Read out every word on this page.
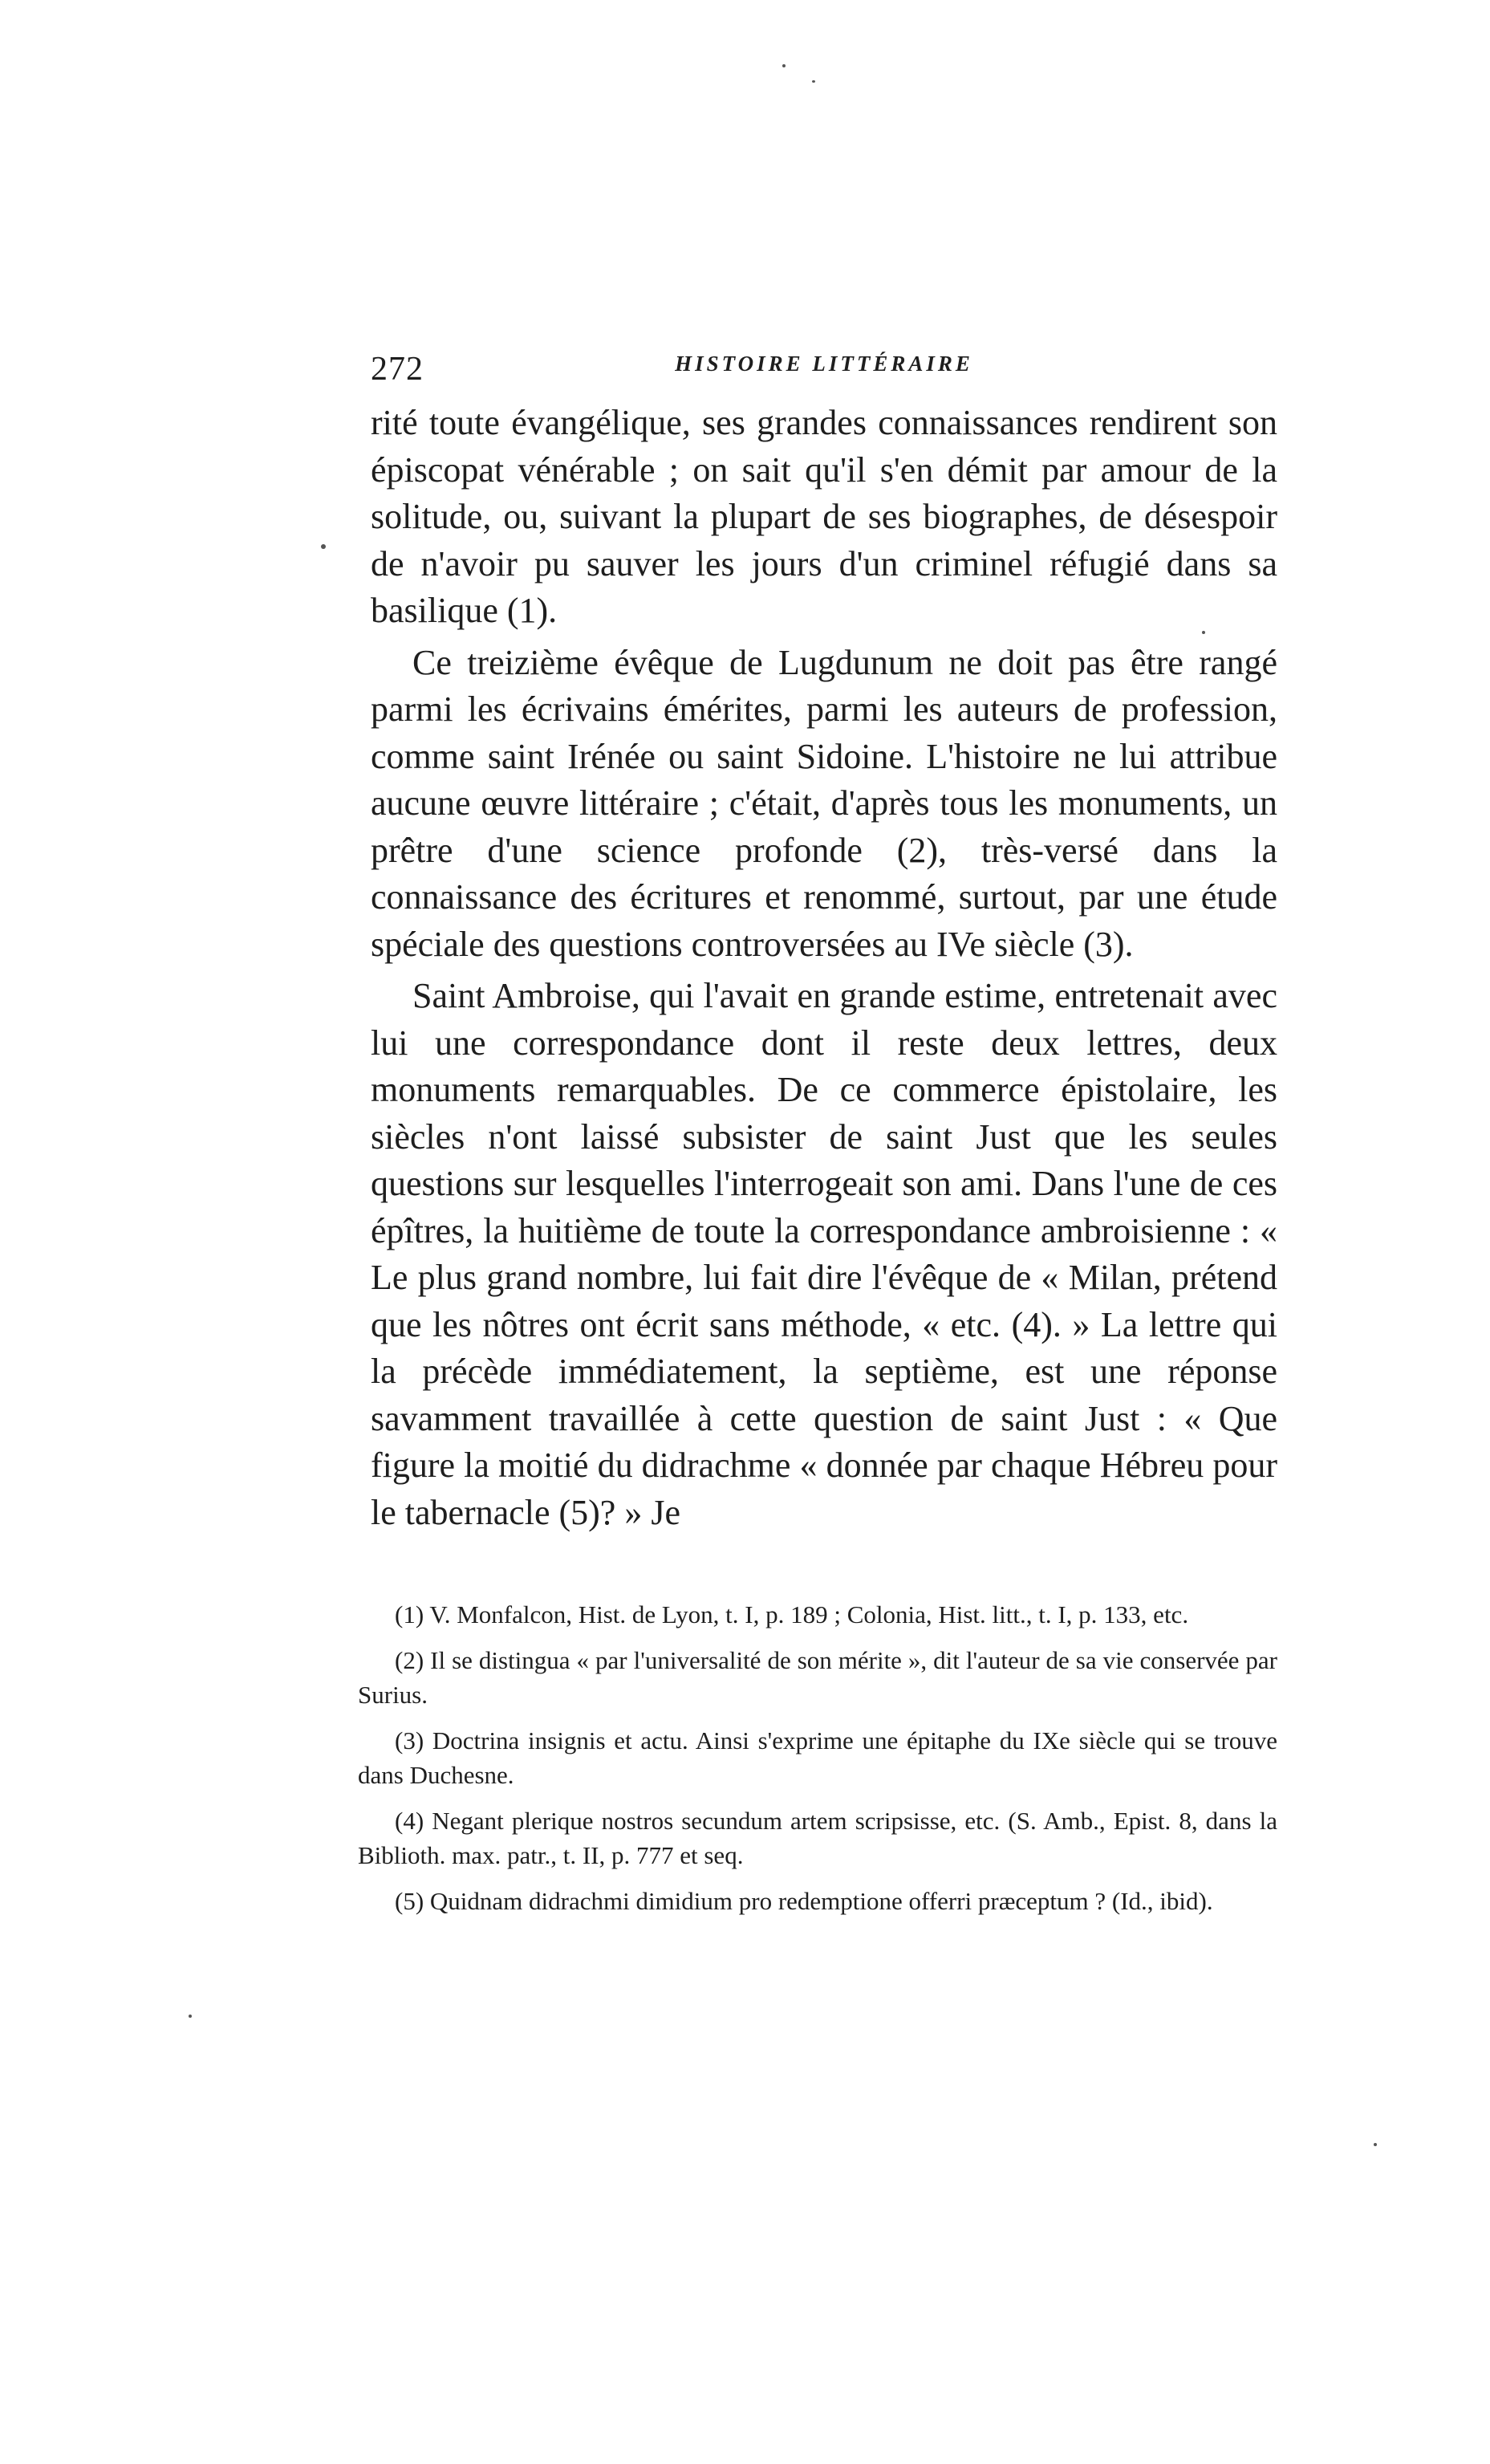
272	HISTOIRE LITTÉRAIRE

rité toute évangélique, ses grandes connaissances rendirent son épiscopat vénérable ; on sait qu'il s'en démit par amour de la solitude, ou, suivant la plupart de ses biographes, de désespoir de n'avoir pu sauver les jours d'un criminel réfugié dans sa basilique (1).

Ce treizième évêque de Lugdunum ne doit pas être rangé parmi les écrivains émérites, parmi les auteurs de profession, comme saint Irénée ou saint Sidoine. L'histoire ne lui attribue aucune œuvre littéraire ; c'était, d'après tous les monuments, un prêtre d'une science profonde (2), très-versé dans la connaissance des écritures et renommé, surtout, par une étude spéciale des questions controversées au IVe siècle (3).

Saint Ambroise, qui l'avait en grande estime, entretenait avec lui une correspondance dont il reste deux lettres, deux monuments remarquables. De ce commerce épistolaire, les siècles n'ont laissé subsister de saint Just que les seules questions sur lesquelles l'interrogeait son ami. Dans l'une de ces épîtres, la huitième de toute la correspondance ambroisienne : « Le plus grand nombre, lui fait dire l'évêque de « Milan, prétend que les nôtres ont écrit sans méthode, « etc. (4). » La lettre qui la précède immédiatement, la septième, est une réponse savamment travaillée à cette question de saint Just : « Que figure la moitié du didrachme « donnée par chaque Hébreu pour le tabernacle (5)? » Je

(1) V. Monfalcon, Hist. de Lyon, t. I, p. 189 ; Colonia, Hist. litt., t. I, p. 133, etc.

(2) Il se distingua « par l'universalité de son mérite », dit l'auteur de sa vie conservée par Surius.

(3) Doctrina insignis et actu. Ainsi s'exprime une épitaphe du IXe siècle qui se trouve dans Duchesne.

(4) Negant plerique nostros secundum artem scripsisse, etc. (S. Amb., Epist. 8, dans la Biblioth. max. patr., t. II, p. 777 et seq.

(5) Quidnam didrachmi dimidium pro redemptione offerri præceptum ? (Id., ibid).
